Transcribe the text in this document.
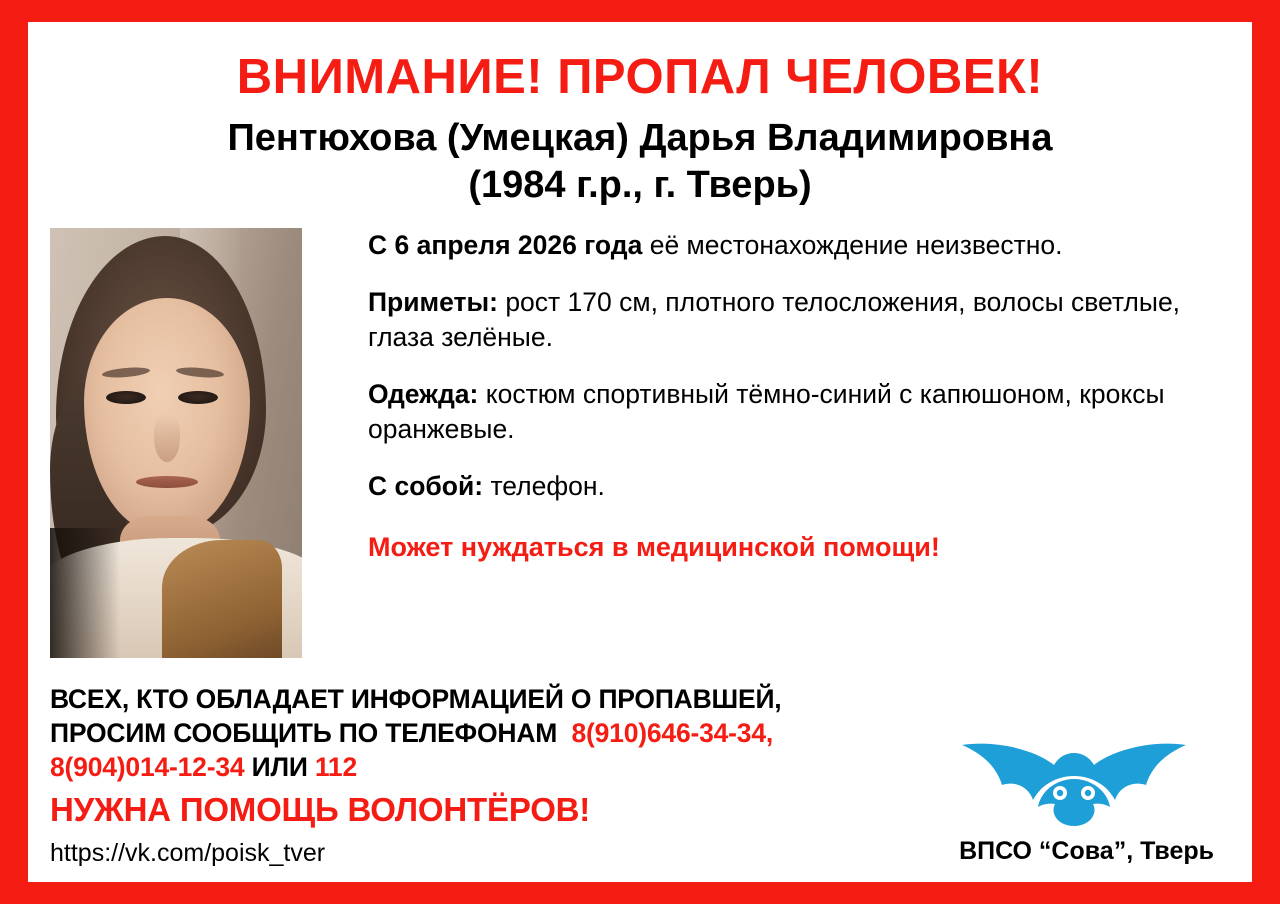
ВНИМАНИЕ! ПРОПАЛ ЧЕЛОВЕК!
Пентюхова (Умецкая) Дарья Владимировна
(1984 г.р., г. Тверь)
С 6 апреля 2026 года её местонахождение неизвестно.
Приметы: рост 170 см, плотного телосложения, волосы светлые, глаза зелёные.
Одежда: костюм спортивный тёмно-синий с капюшоном, кроксы оранжевые.
С собой: телефон.
Может нуждаться в медицинской помощи!
ВСЕХ, КТО ОБЛАДАЕТ ИНФОРМАЦИЕЙ О ПРОПАВШЕЙ,
ПРОСИМ СООБЩИТЬ ПО ТЕЛЕФОНАМ 8(910)646-34-34,
8(904)014-12-34 ИЛИ 112
НУЖНА ПОМОЩЬ ВОЛОНТЁРОВ!
https://vk.com/poisk_tver	ВПСО “Сова”, Тверь
